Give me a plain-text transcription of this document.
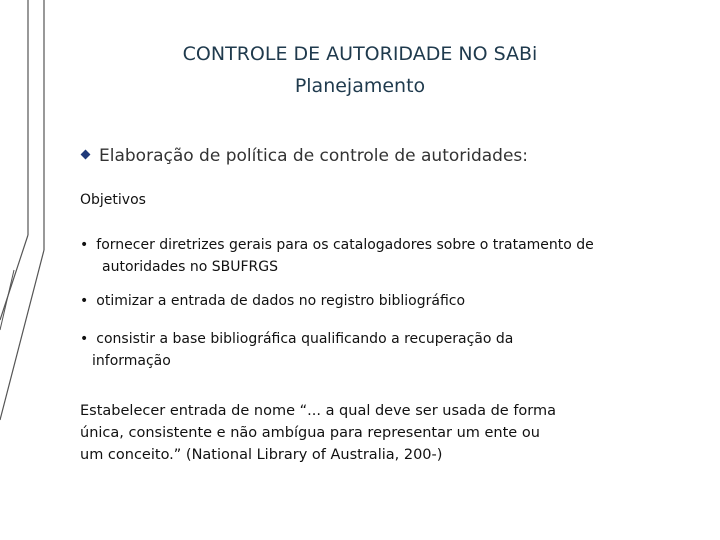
CONTROLE DE AUTORIDADE NO SABi
Planejamento
Elaboração de política de controle de autoridades:
Objetivos
• fornecer diretrizes gerais para os catalogadores sobre o tratamento de
autoridades no SBUFRGS
• otimizar a entrada de dados no registro bibliográfico
• consistir a base bibliográfica qualificando a recuperação da
informação
Estabelecer entrada de nome “... a qual deve ser usada de forma
única, consistente e não ambígua para representar um ente ou
um conceito.” (National Library of Australia, 200-)
